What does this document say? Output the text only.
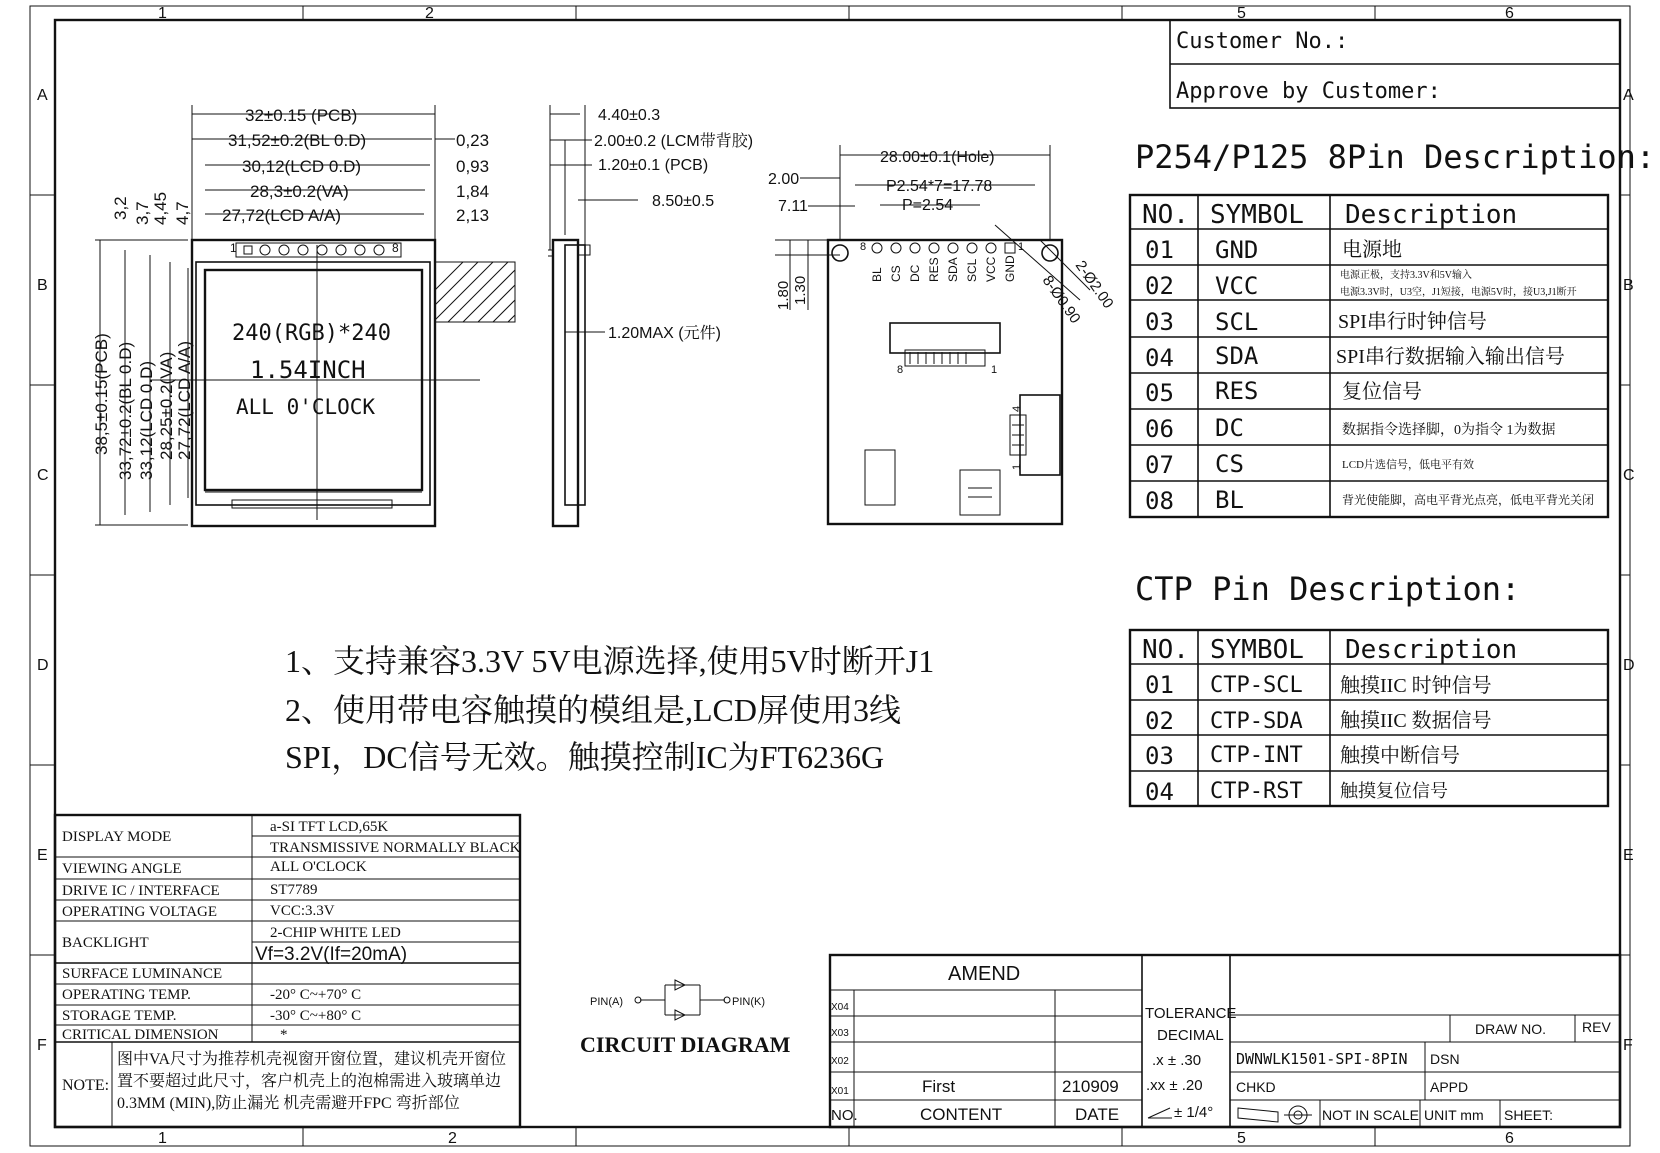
1	2	5	6
1	2	5	6
A
B
C
D
E
F
A
B
C
D
E
F
Customer No.:
Approve by Customer:
32±0.15 (PCB)
31,52±0.2(BL 0.D)
30,12(LCD 0.D)
28,3±0.2(VA)
27,72(LCD A/A)
0,23
0,93
1,84
2,13
38,5±0.15(PCB) 33,72±0.2(BL 0.D) 33,12(LCD 0.D) 28,25±0.2(VA) 27,72(LCD A/A)
3,2 3,7 4,45 4,7
1	8
240(RGB)*240
1.54INCH
ALL 0'CLOCK
4.40±0.3
2.00±0.2 (LCM带背胶)
1.20±0.1 (PCB)
8.50±0.5
1.20MAX (元件)
28.00±0.1(Hole)
2.00	P2.54*7=17.78
7.11	P=2.54
1.80 1.30	2-Ø2.00
8-Ø0.90
8	1
BL CS DC RES SDA SCL VCC GND
8	1
4
1
P254/P125 8Pin Description:
NO. SYMBOL Description
01 GND	电源地
02 VCC	电源正极，支持3.3V和5V输入
电源3.3V时，U3空，J1短接，电源5V时，接U3,J1断开
03 SCL	SPI串行时钟信号
04 SDA	SPI串行数据输入输出信号
05 RES	复位信号
06 DC	数据指令选择脚，0为指令 1为数据
07 CS	LCD片选信号，低电平有效
08 BL	背光使能脚，高电平背光点亮，低电平背光关闭
CTP Pin Description:
NO. SYMBOL Description
01 CTP-SCL 触摸IIC 时钟信号
02 CTP-SDA 触摸IIC 数据信号
03 CTP-INT 触摸中断信号
04 CTP-RST 触摸复位信号
1、支持兼容3.3V 5V电源选择,使用5V时断开J1
2、使用带电容触摸的模组是,LCD屏使用3线
SPI，DC信号无效。触摸控制IC为FT6236G
DISPLAY MODE
a-SI TFT LCD,65K
TRANSMISSIVE NORMALLY BLACK
VIEWING ANGLE	ALL O'CLOCK
DRIVE IC / INTERFACE	ST7789
OPERATING VOLTAGE	VCC:3.3V
BACKLIGHT
2-CHIP WHITE LED
Vf=3.2V(If=20mA)
SURFACE LUMINANCE
OPERATING TEMP.	-20° C~+70° C
STORAGE TEMP.	-30° C~+80° C
CRITICAL DIMENSION	*
NOTE:
图中VA尺寸为推荐机壳视窗开窗位置，建议机壳开窗位
置不要超过此尺寸，客户机壳上的泡棉需进入玻璃单边
0.3MM (MIN),防止漏光 机壳需避开FPC 弯折部位
PIN(A)	PIN(K)
CIRCUIT DIAGRAM
AMEND
X04
X03
X02
X01	First	210909
NO.	CONTENT	DATE
TOLERANCE
DECIMAL
.x ± .30
.xx ± .20
± 1/4°
DRAW NO.	REV
DWNWLK1501-SPI-8PIN DSN
CHKD	APPD
NOT IN SCALE UNIT mm SHEET:
